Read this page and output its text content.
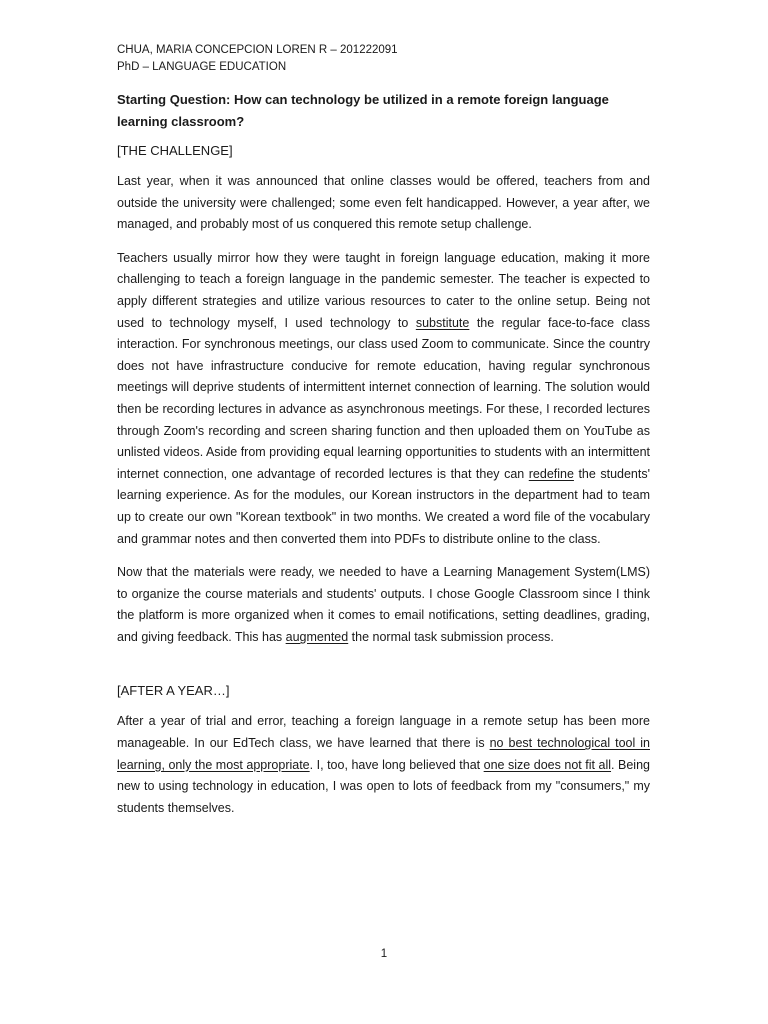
CHUA, MARIA CONCEPCION LOREN R – 201222091

PhD – LANGUAGE EDUCATION

Starting Question: How can technology be utilized in a remote foreign language learning classroom?

[THE CHALLENGE]

Last year, when it was announced that online classes would be offered, teachers from and outside the university were challenged; some even felt handicapped. However, a year after, we managed, and probably most of us conquered this remote setup challenge.

Teachers usually mirror how they were taught in foreign language education, making it more challenging to teach a foreign language in the pandemic semester. The teacher is expected to apply different strategies and utilize various resources to cater to the online setup. Being not used to technology myself, I used technology to substitute the regular face-to-face class interaction. For synchronous meetings, our class used Zoom to communicate. Since the country does not have infrastructure conducive for remote education, having regular synchronous meetings will deprive students of intermittent internet connection of learning. The solution would then be recording lectures in advance as asynchronous meetings. For these, I recorded lectures through Zoom's recording and screen sharing function and then uploaded them on YouTube as unlisted videos. Aside from providing equal learning opportunities to students with an intermittent internet connection, one advantage of recorded lectures is that they can redefine the students' learning experience. As for the modules, our Korean instructors in the department had to team up to create our own "Korean textbook" in two months. We created a word file of the vocabulary and grammar notes and then converted them into PDFs to distribute online to the class.

Now that the materials were ready, we needed to have a Learning Management System(LMS) to organize the course materials and students' outputs. I chose Google Classroom since I think the platform is more organized when it comes to email notifications, setting deadlines, grading, and giving feedback. This has augmented the normal task submission process.

[AFTER A YEAR…]

After a year of trial and error, teaching a foreign language in a remote setup has been more manageable. In our EdTech class, we have learned that there is no best technological tool in learning, only the most appropriate. I, too, have long believed that one size does not fit all. Being new to using technology in education, I was open to lots of feedback from my "consumers," my students themselves.

1
